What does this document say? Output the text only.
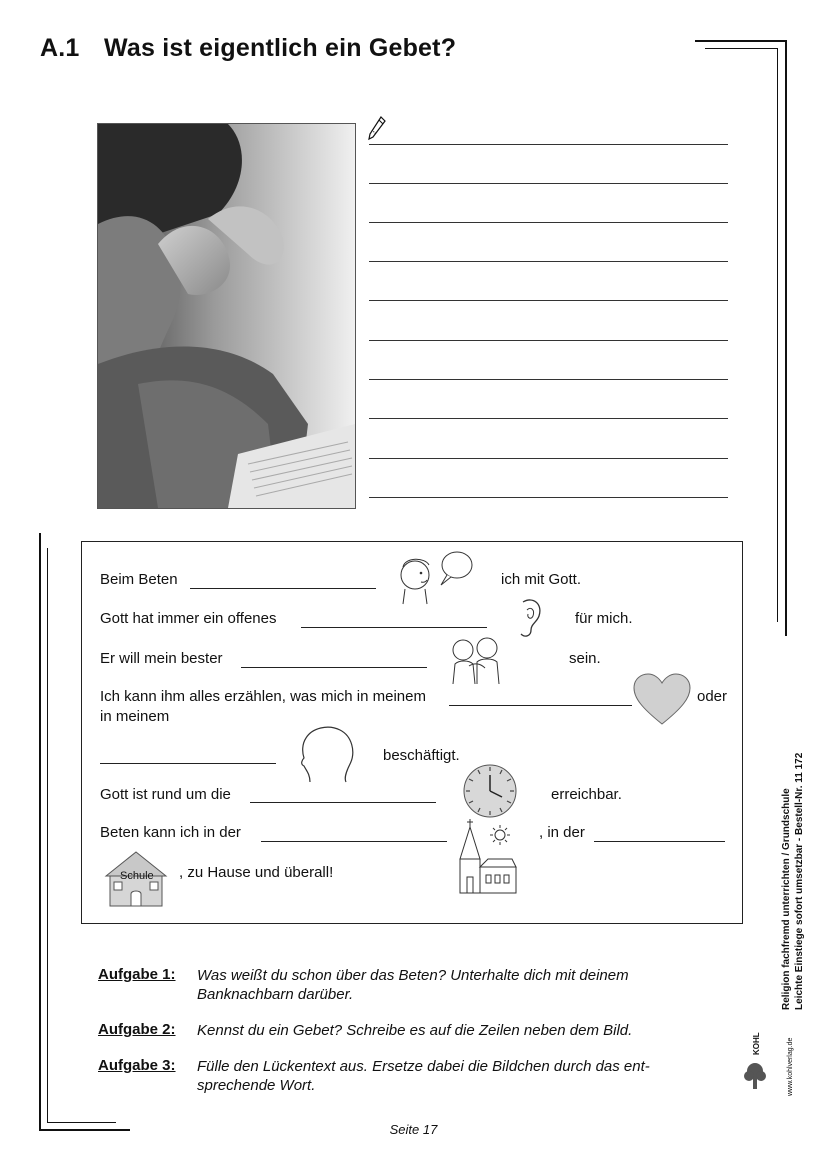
A.1 Was ist eigentlich ein Gebet?
Beim Beten	ich mit Gott.
Gott hat immer ein offenes	für mich.
Er will mein bester	sein.
Ich kann ihm alles erzählen, was mich in meinem	oder
in meinem
beschäftigt.
Gott ist rund um die	erreichbar.
Beten kann ich in der	, in der
Schule , zu Hause und überall!
Aufgabe 1: Was weißt du schon über das Beten? Unterhalte dich mit deinem Banknachbarn darüber.
Aufgabe 2: Kennst du ein Gebet? Schreibe es auf die Zeilen neben dem Bild.
Aufgabe 3: Fülle den Lückentext aus. Ersetze dabei die Bildchen durch das ent-sprechende Wort.
Seite 17
Religion fachfremd unterrichten / Grundschule Leichte Einstiege sofort umsetzbar - Bestell-Nr. 11 172
KOHL	www.kohlverlag.de
